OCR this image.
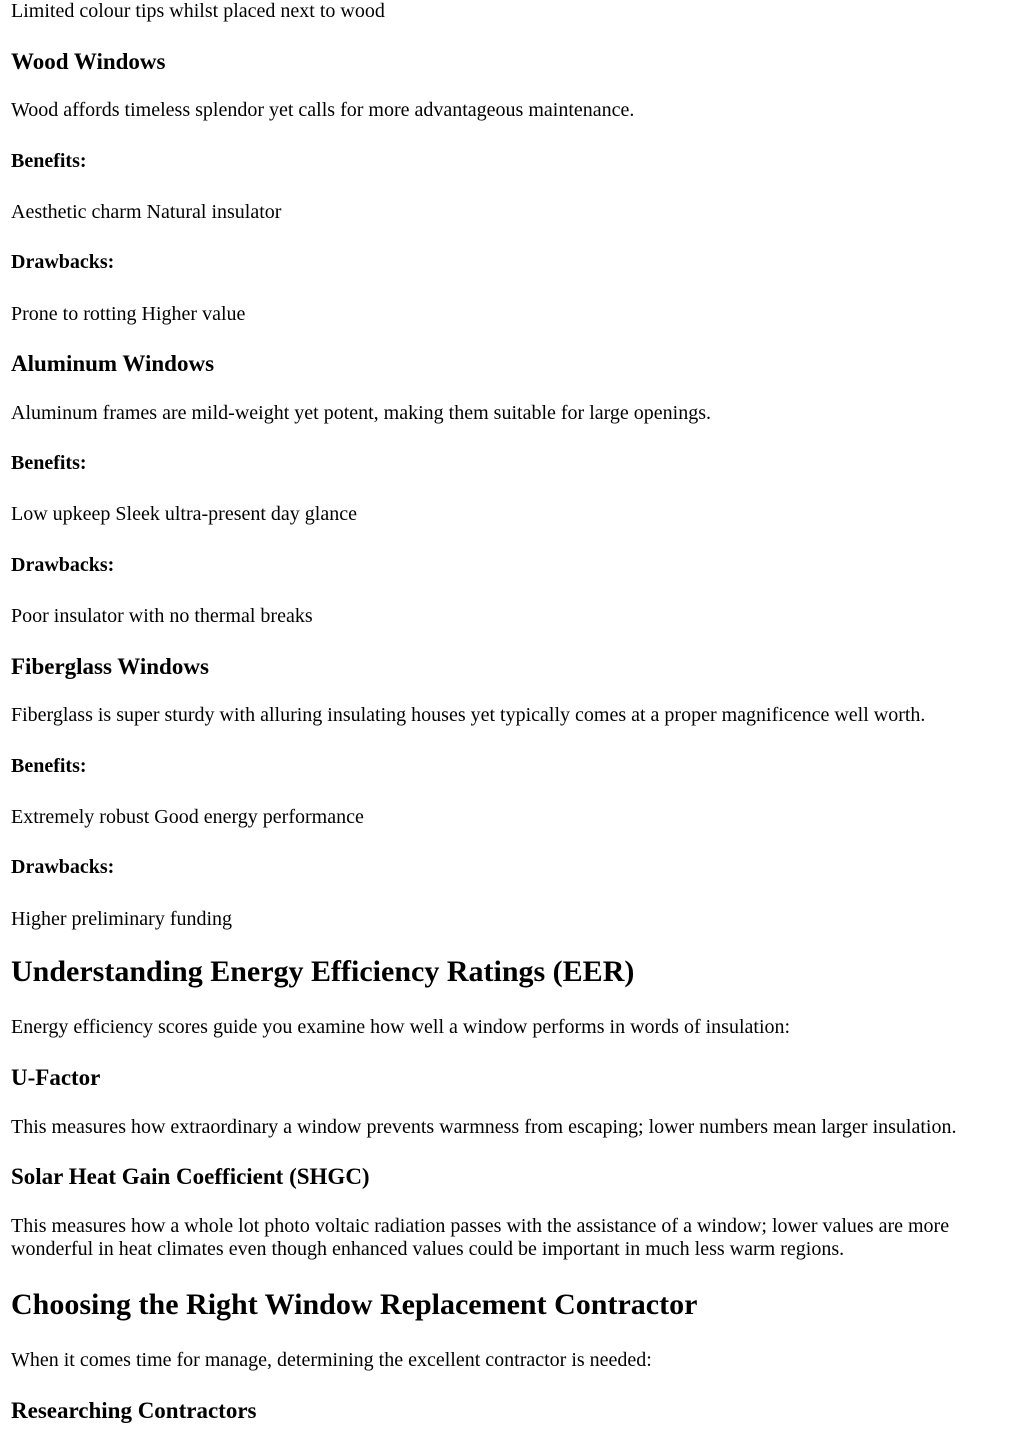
Limited colour tips whilst placed next to wood

Wood Windows

Wood affords timeless splendor yet calls for more advantageous maintenance.

Benefits:

Aesthetic charm Natural insulator

Drawbacks:

Prone to rotting Higher value

Aluminum Windows

Aluminum frames are mild-weight yet potent, making them suitable for large openings.

Benefits:

Low upkeep Sleek ultra-present day glance

Drawbacks:

Poor insulator with no thermal breaks

Fiberglass Windows

Fiberglass is super sturdy with alluring insulating houses yet typically comes at a proper magnificence well worth.

Benefits:

Extremely robust Good energy performance

Drawbacks:

Higher preliminary funding

Understanding Energy Efficiency Ratings (EER)

Energy efficiency scores guide you examine how well a window performs in words of insulation:

U-Factor

This measures how extraordinary a window prevents warmness from escaping; lower numbers mean larger insulation.

Solar Heat Gain Coefficient (SHGC)

This measures how a whole lot photo voltaic radiation passes with the assistance of a window; lower values are more wonderful in heat climates even though enhanced values could be important in much less warm regions.

Choosing the Right Window Replacement Contractor

When it comes time for manage, determining the excellent contractor is needed:

Researching Contractors
